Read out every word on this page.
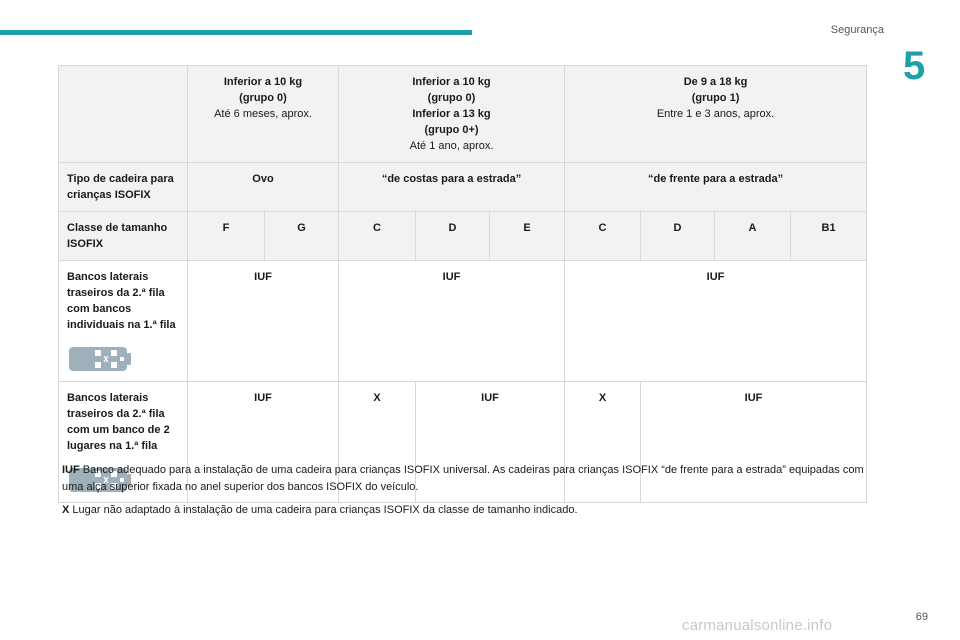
Segurança
5

	Inferior a 10 kg
(grupo 0)
Até 6 meses, aprox.		Inferior a 10 kg
(grupo 0)
Inferior a 13 kg
(grupo 0+)
Até 1 ano, aprox.			De 9 a 18 kg
(grupo 1)
Entre 1 e 3 anos, aprox.			

Tipo de cadeira para crianças ISOFIX	Ovo		“de costas para a estrada”			“de frente para a estrada”			
Classe de tamanho ISOFIX	F	G	C	D	E	C	D	A	B1
Bancos laterais traseiros da 2.ª fila com bancos individuais na 1.ª fila	IUF		IUF			IUF			
Bancos laterais traseiros da 2.ª fila com um banco de 2 lugares na 1.ª fila	IUF		X	IUF		X	IUF		
IUF Banco adequado para a instalação de uma cadeira para crianças ISOFIX universal. As cadeiras para crianças ISOFIX “de frente para a estrada” equipadas com uma alça superior fixada no anel superior dos bancos ISOFIX do veículo.
X Lugar não adaptado à instalação de uma cadeira para crianças ISOFIX da classe de tamanho indicado.
69
carmanualsonline.info
